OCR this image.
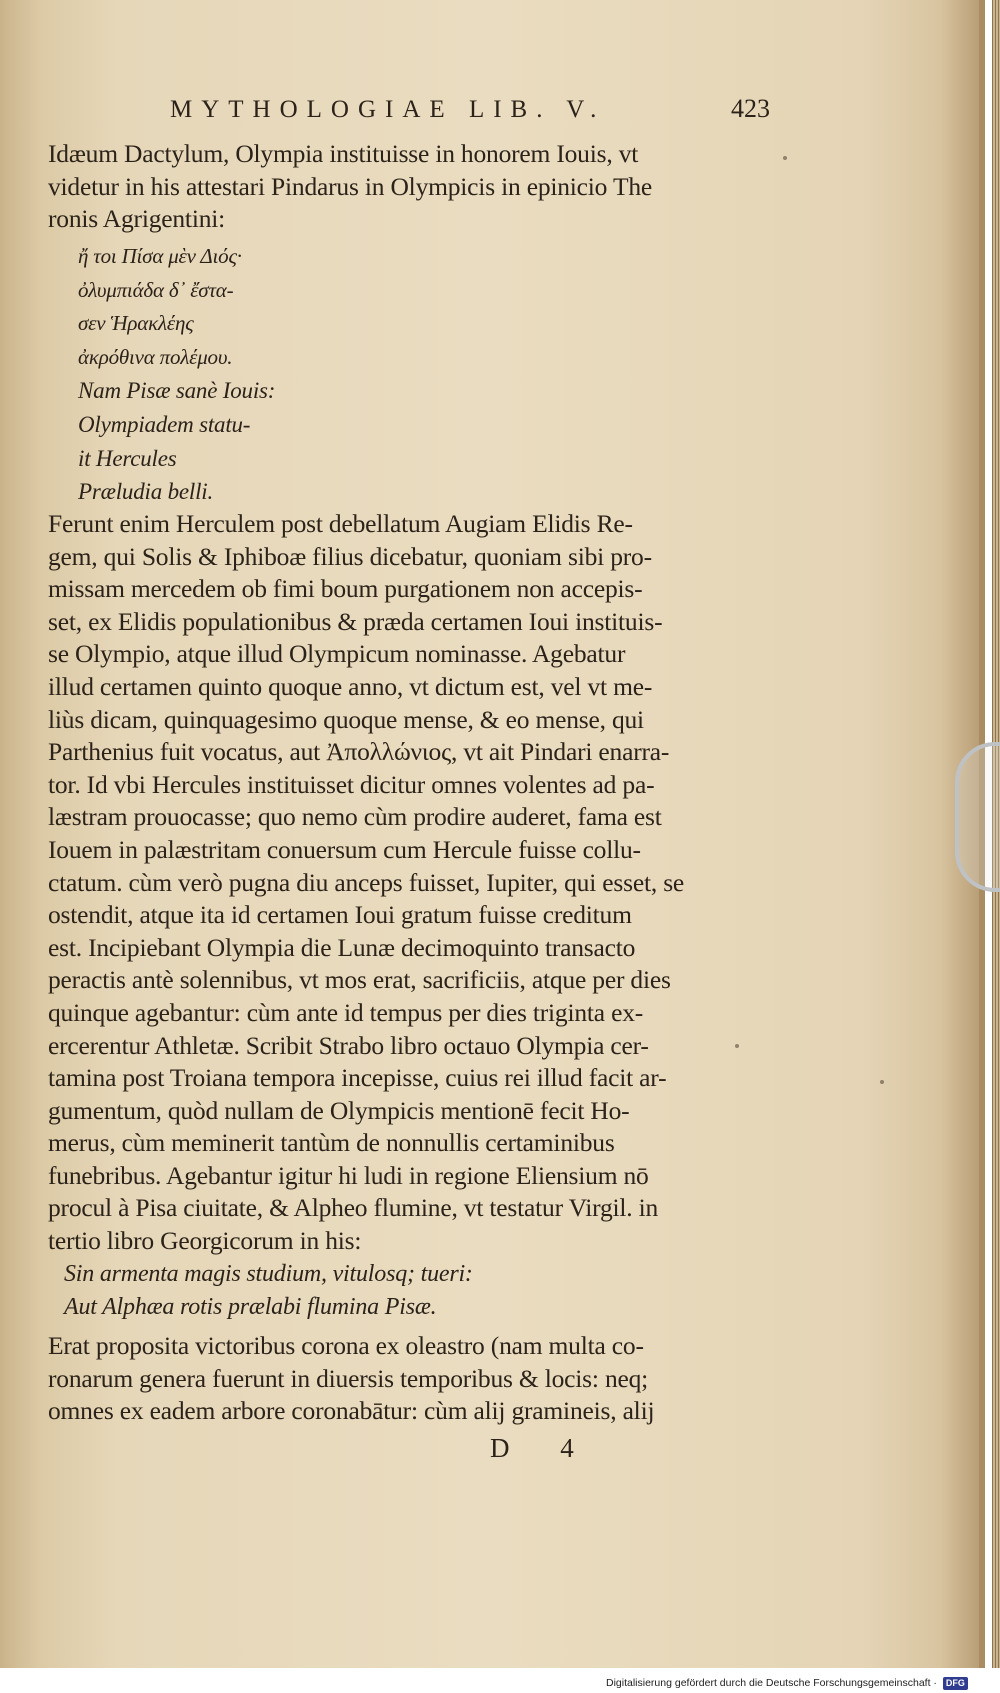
MYTHOLOGIAE LIB. V.	423
Idæum Dactylum, Olympia instituisse in honorem Iouis, vt
videtur in his attestari Pindarus in Olympicis in epinicio The
ronis Agrigentini:
ἤ τοι Πίσα μὲν Διός·
ὀλυμπιάδα δ᾽ ἔστα-
σεν Ἡρακλέης
ἀκρόθινα πολέμου.
Nam Pisæ sanè Iouis:
Olympiadem statu-
it Hercules
Præludia belli.
Ferunt enim Herculem post debellatum Augiam Elidis Re-
gem, qui Solis & Iphiboæ filius dicebatur, quoniam sibi pro-
missam mercedem ob fimi boum purgationem non accepis-
set, ex Elidis populationibus & præda certamen Ioui instituis-
se Olympio, atque illud Olympicum nominasse. Agebatur
illud certamen quinto quoque anno, vt dictum est, vel vt me-
liùs dicam, quinquagesimo quoque mense, & eo mense, qui
Parthenius fuit vocatus, aut Ἀπολλώνιος, vt ait Pindari enarra-
tor. Id vbi Hercules instituisset dicitur omnes volentes ad pa-
læstram prouocasse; quo nemo cùm prodire auderet, fama est
Iouem in palæstritam conuersum cum Hercule fuisse collu-
ctatum. cùm verò pugna diu anceps fuisset, Iupiter, qui esset, se
ostendit, atque ita id certamen Ioui gratum fuisse creditum
est. Incipiebant Olympia die Lunæ decimoquinto transacto
peractis antè solennibus, vt mos erat, sacrificiis, atque per dies
quinque agebantur: cùm ante id tempus per dies triginta ex-
ercerentur Athletæ. Scribit Strabo libro octauo Olympia cer-
tamina post Troiana tempora incepisse, cuius rei illud facit ar-
gumentum, quòd nullam de Olympicis mentionē fecit Ho-
merus, cùm meminerit tantùm de nonnullis certaminibus
funebribus. Agebantur igitur hi ludi in regione Eliensium nō
procul à Pisa ciuitate, & Alpheo flumine, vt testatur Virgil. in
tertio libro Georgicorum in his:
Sin armenta magis studium, vitulosq; tueri:
Aut Alphæa rotis prælabi flumina Pisæ.
Erat proposita victoribus corona ex oleastro (nam multa co-
ronarum genera fuerunt in diuersis temporibus & locis: neq;
omnes ex eadem arbore coronabātur: cùm alij gramineis, alij
D 4
Digitalisierung gefördert durch die Deutsche Forschungsgemeinschaft · DFG
